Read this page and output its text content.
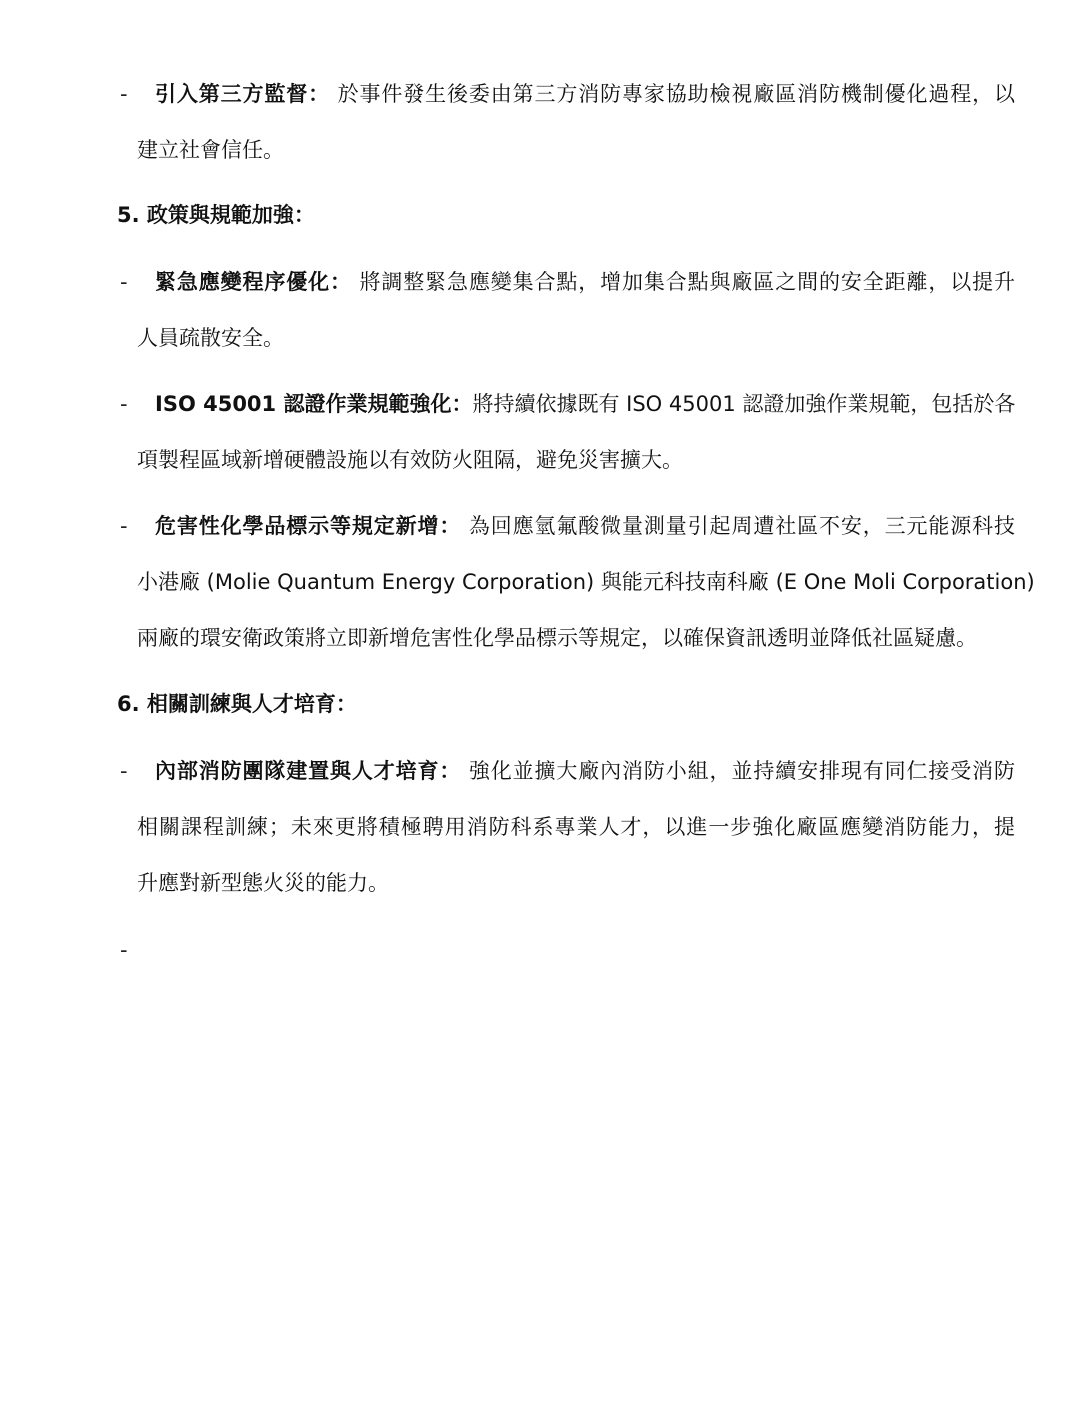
- 引入第三方監督： 於事件發生後委由第三方消防專家協助檢視廠區消防機制優化過程，以
建立社會信任。
5. 政策與規範加強：
- 緊急應變程序優化： 將調整緊急應變集合點，增加集合點與廠區之間的安全距離，以提升
人員疏散安全。
- ISO 45001 認證作業規範強化：將持續依據既有 ISO 45001 認證加強作業規範，包括於各
項製程區域新增硬體設施以有效防火阻隔，避免災害擴大。
- 危害性化學品標示等規定新增： 為回應氫氟酸微量測量引起周遭社區不安，三元能源科技
小港廠 (Molie Quantum Energy Corporation) 與能元科技南科廠 (E One Moli Corporation)
兩廠的環安衛政策將立即新增危害性化學品標示等規定，以確保資訊透明並降低社區疑慮。
6. 相關訓練與人才培育：
- 內部消防團隊建置與人才培育： 強化並擴大廠內消防小組，並持續安排現有同仁接受消防
相關課程訓練；未來更將積極聘用消防科系專業人才，以進一步強化廠區應變消防能力，提
升應對新型態火災的能力。
-
